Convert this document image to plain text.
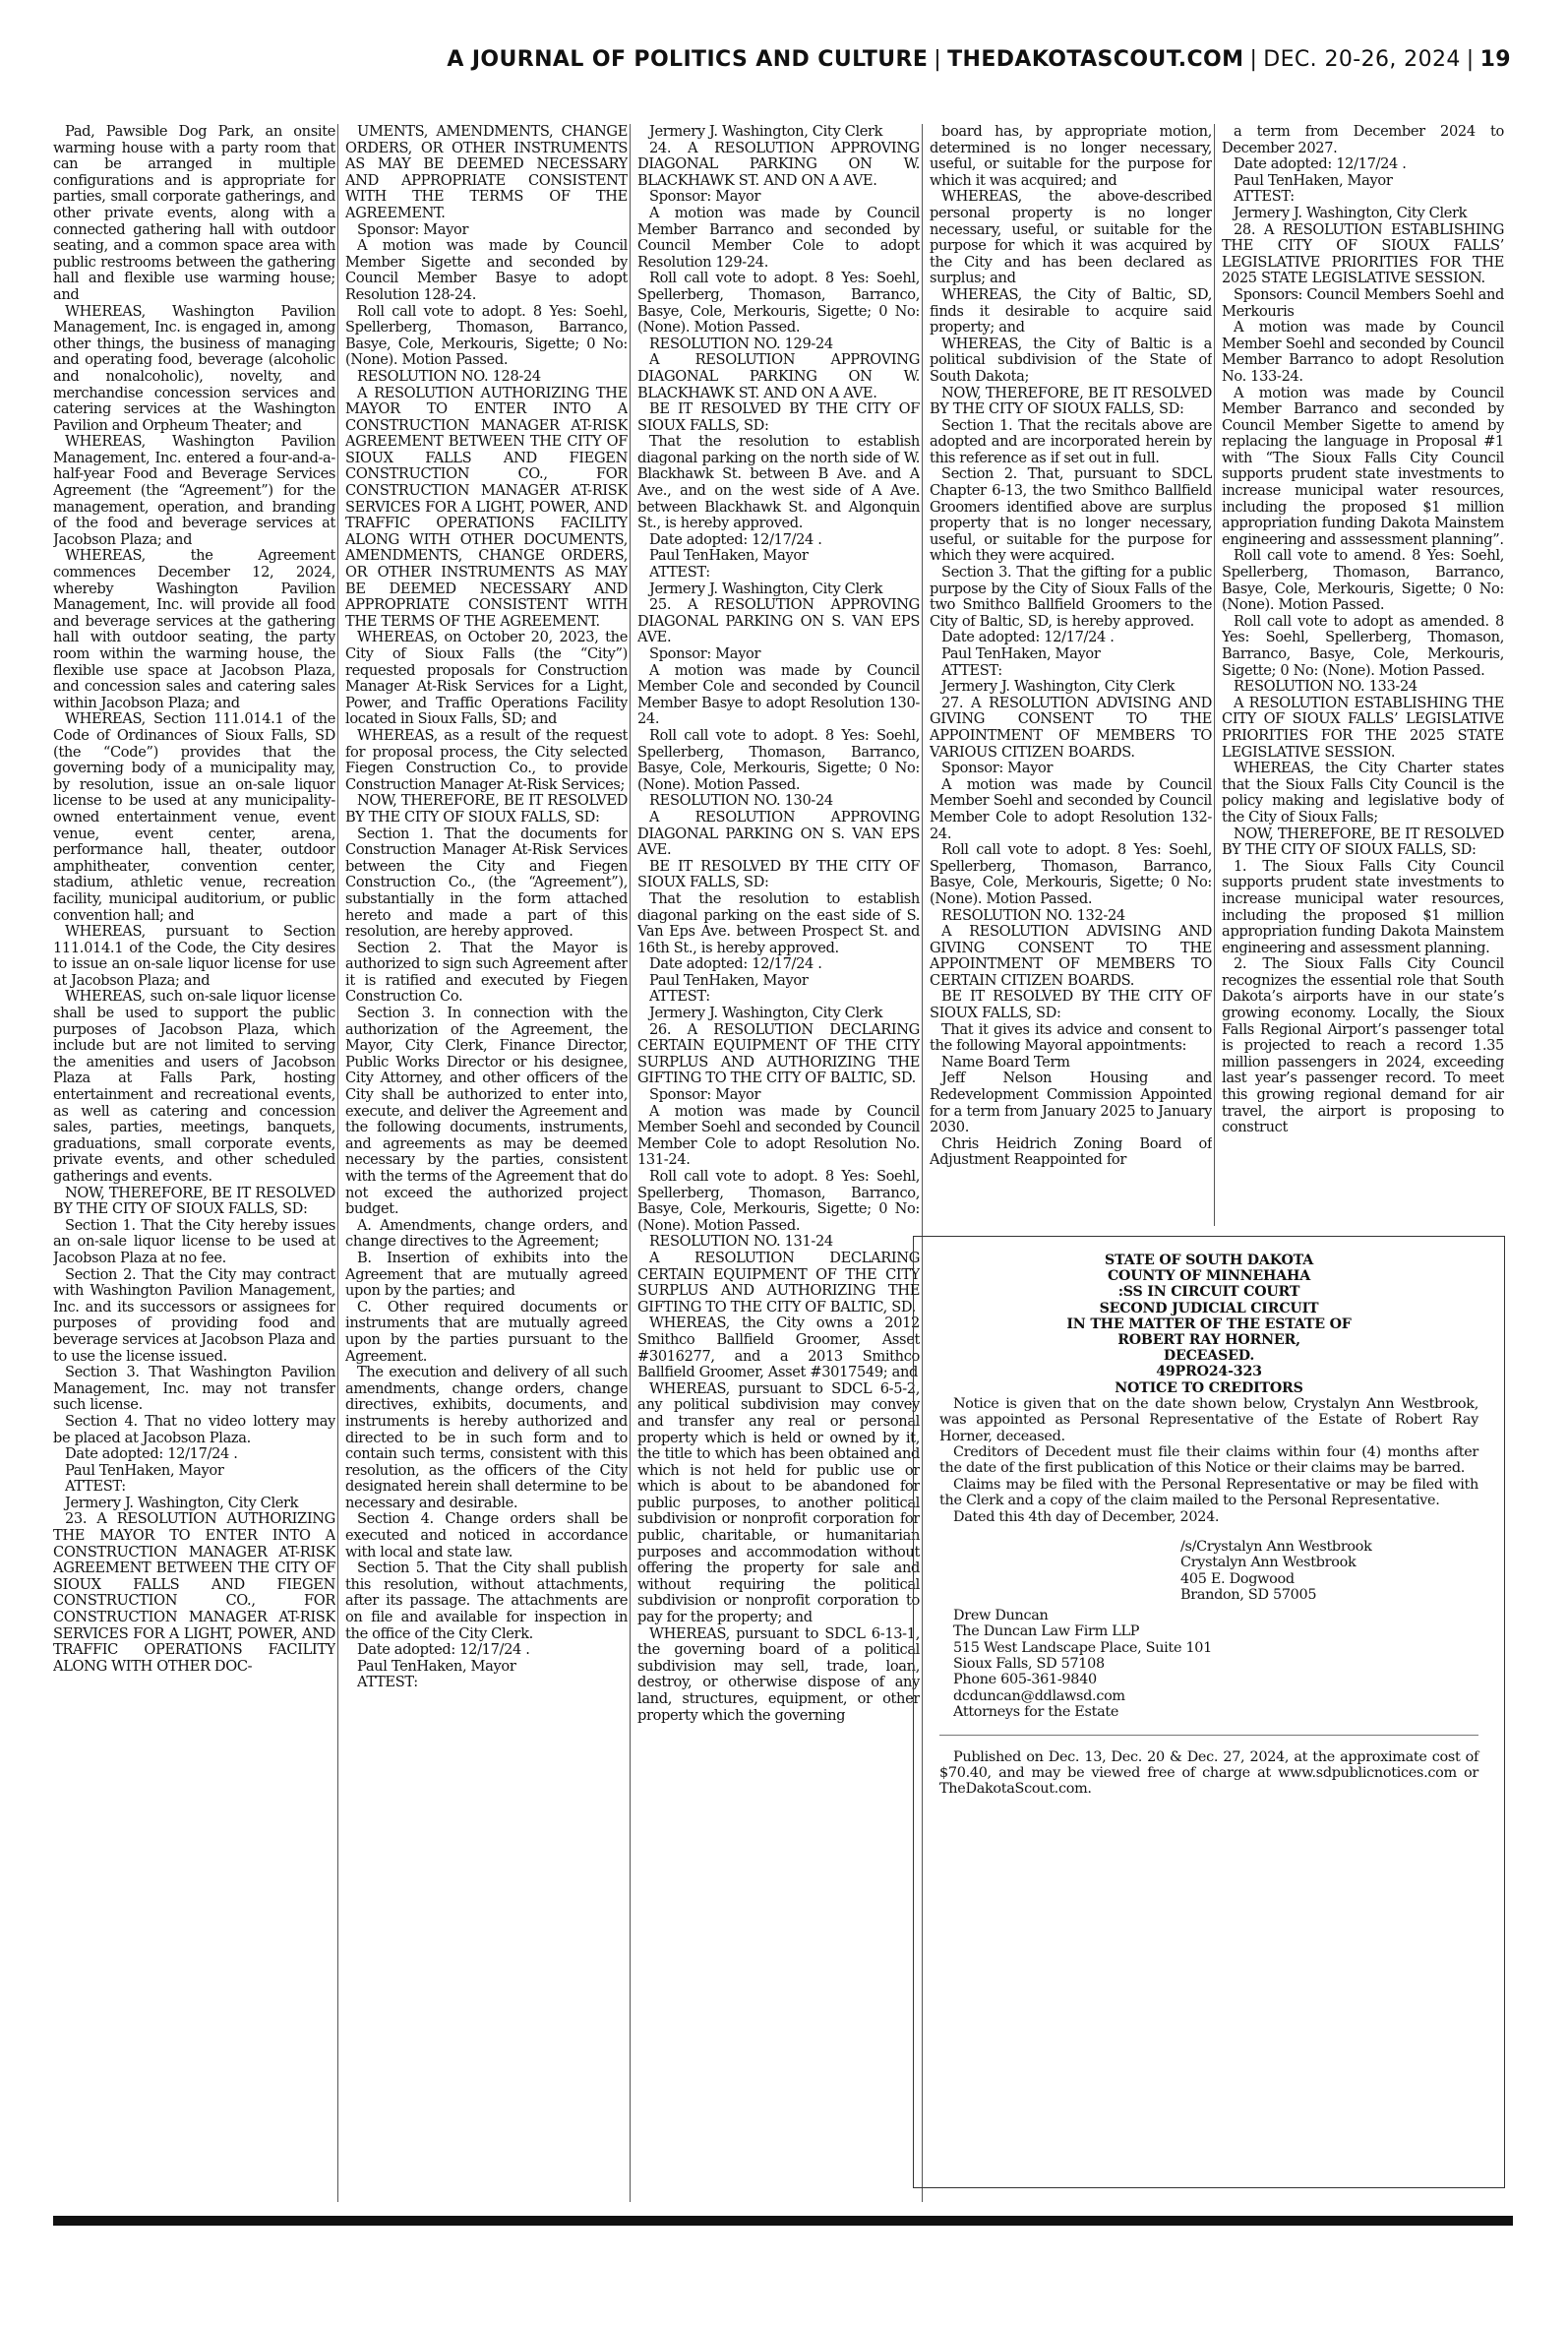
A JOURNAL OF POLITICS AND CULTURE | THEDAKOTASCOUT.COM | DEC. 20-26, 2024 | 19

Pad, Pawsible Dog Park, an onsite warming house with a party room that can be arranged in multiple configurations and is appropriate for parties, small corporate gatherings, and other private events, along with a connected gathering hall with outdoor seating, and a common space area with public restrooms between the gathering hall and flexible use warming house; and

WHEREAS, Washington Pavilion Management, Inc. is engaged in, among other things, the business of managing and operating food, beverage (alcoholic and nonalcoholic), novelty, and merchandise concession services and catering services at the Washington Pavilion and Orpheum Theater; and

WHEREAS, Washington Pavilion Management, Inc. entered a four-and-a-half-year Food and Beverage Services Agreement (the “Agreement”) for the management, operation, and branding of the food and beverage services at Jacobson Plaza; and

WHEREAS, the Agreement commences December 12, 2024, whereby Washington Pavilion Management, Inc. will provide all food and beverage services at the gathering hall with outdoor seating, the party room within the warming house, the flexible use space at Jacobson Plaza, and concession sales and catering sales within Jacobson Plaza; and

WHEREAS, Section 111.014.1 of the Code of Ordinances of Sioux Falls, SD (the “Code”) provides that the governing body of a municipality may, by resolution, issue an on-sale liquor license to be used at any municipality-owned entertainment venue, event venue, event center, arena, performance hall, theater, outdoor amphitheater, convention center, stadium, athletic venue, recreation facility, municipal auditorium, or public convention hall; and

WHEREAS, pursuant to Section 111.014.1 of the Code, the City desires to issue an on-sale liquor license for use at Jacobson Plaza; and

WHEREAS, such on-sale liquor license shall be used to support the public purposes of Jacobson Plaza, which include but are not limited to serving the amenities and users of Jacobson Plaza at Falls Park, hosting entertainment and recreational events, as well as catering and concession sales, parties, meetings, banquets, graduations, small corporate events, private events, and other scheduled gatherings and events.

NOW, THEREFORE, BE IT RESOLVED BY THE CITY OF SIOUX FALLS, SD:

Section 1. That the City hereby issues an on-sale liquor license to be used at Jacobson Plaza at no fee.

Section 2. That the City may contract with Washington Pavilion Management, Inc. and its successors or assignees for purposes of providing food and beverage services at Jacobson Plaza and to use the license issued.

Section 3. That Washington Pavilion Management, Inc. may not transfer such license.

Section 4. That no video lottery may be placed at Jacobson Plaza.

Date adopted: 12/17/24 .

Paul TenHaken, Mayor

ATTEST:

Jermery J. Washington, City Clerk

23. A RESOLUTION AUTHORIZING THE MAYOR TO ENTER INTO A CONSTRUCTION MANAGER AT-RISK AGREEMENT BETWEEN THE CITY OF SIOUX FALLS AND FIEGEN CONSTRUCTION CO., FOR CONSTRUCTION MANAGER AT-RISK SERVICES FOR A LIGHT, POWER, AND TRAFFIC OPERATIONS FACILITY ALONG WITH OTHER DOC-

UMENTS, AMENDMENTS, CHANGE ORDERS, OR OTHER INSTRUMENTS AS MAY BE DEEMED NECESSARY AND APPROPRIATE CONSISTENT WITH THE TERMS OF THE AGREEMENT.

Sponsor: Mayor

A motion was made by Council Member Sigette and seconded by Council Member Basye to adopt Resolution 128-24.

Roll call vote to adopt. 8 Yes: Soehl, Spellerberg, Thomason, Barranco, Basye, Cole, Merkouris, Sigette; 0 No: (None). Motion Passed.

RESOLUTION NO. 128-24

A RESOLUTION AUTHORIZING THE MAYOR TO ENTER INTO A CONSTRUCTION MANAGER AT-RISK AGREEMENT BETWEEN THE CITY OF SIOUX FALLS AND FIEGEN CONSTRUCTION CO., FOR CONSTRUCTION MANAGER AT-RISK SERVICES FOR A LIGHT, POWER, AND TRAFFIC OPERATIONS FACILITY ALONG WITH OTHER DOCUMENTS, AMENDMENTS, CHANGE ORDERS, OR OTHER INSTRUMENTS AS MAY BE DEEMED NECESSARY AND APPROPRIATE CONSISTENT WITH THE TERMS OF THE AGREEMENT.

WHEREAS, on October 20, 2023, the City of Sioux Falls (the “City”) requested proposals for Construction Manager At-Risk Services for a Light, Power, and Traffic Operations Facility located in Sioux Falls, SD; and

WHEREAS, as a result of the request for proposal process, the City selected Fiegen Construction Co., to provide Construction Manager At-Risk Services;

NOW, THEREFORE, BE IT RESOLVED BY THE CITY OF SIOUX FALLS, SD:

Section 1. That the documents for Construction Manager At-Risk Services between the City and Fiegen Construction Co., (the “Agreement”), substantially in the form attached hereto and made a part of this resolution, are hereby approved.

Section 2. That the Mayor is authorized to sign such Agreement after it is ratified and executed by Fiegen Construction Co.

Section 3. In connection with the authorization of the Agreement, the Mayor, City Clerk, Finance Director, Public Works Director or his designee, City Attorney, and other officers of the City shall be authorized to enter into, execute, and deliver the Agreement and the following documents, instruments, and agreements as may be deemed necessary by the parties, consistent with the terms of the Agreement that do not exceed the authorized project budget.

A. Amendments, change orders, and change directives to the Agreement;

B. Insertion of exhibits into the Agreement that are mutually agreed upon by the parties; and

C. Other required documents or instruments that are mutually agreed upon by the parties pursuant to the Agreement.

The execution and delivery of all such amendments, change orders, change directives, exhibits, documents, and instruments is hereby authorized and directed to be in such form and to contain such terms, consistent with this resolution, as the officers of the City designated herein shall determine to be necessary and desirable.

Section 4. Change orders shall be executed and noticed in accordance with local and state law.

Section 5. That the City shall publish this resolution, without attachments, after its passage. The attachments are on file and available for inspection in the office of the City Clerk.

Date adopted: 12/17/24 .

Paul TenHaken, Mayor

ATTEST:

Jermery J. Washington, City Clerk

24. A RESOLUTION APPROVING DIAGONAL PARKING ON W. BLACKHAWK ST. AND ON A AVE.

Sponsor: Mayor

A motion was made by Council Member Barranco and seconded by Council Member Cole to adopt Resolution 129-24.

Roll call vote to adopt. 8 Yes: Soehl, Spellerberg, Thomason, Barranco, Basye, Cole, Merkouris, Sigette; 0 No: (None). Motion Passed.

RESOLUTION NO. 129-24

A RESOLUTION APPROVING DIAGONAL PARKING ON W. BLACKHAWK ST. AND ON A AVE.

BE IT RESOLVED BY THE CITY OF SIOUX FALLS, SD:

That the resolution to establish diagonal parking on the north side of W. Blackhawk St. between B Ave. and A Ave., and on the west side of A Ave. between Blackhawk St. and Algonquin St., is hereby approved.

Date adopted: 12/17/24 .

Paul TenHaken, Mayor

ATTEST:

Jermery J. Washington, City Clerk

25. A RESOLUTION APPROVING DIAGONAL PARKING ON S. VAN EPS AVE.

Sponsor: Mayor

A motion was made by Council Member Cole and seconded by Council Member Basye to adopt Resolution 130-24.

Roll call vote to adopt. 8 Yes: Soehl, Spellerberg, Thomason, Barranco, Basye, Cole, Merkouris, Sigette; 0 No: (None). Motion Passed.

RESOLUTION NO. 130-24

A RESOLUTION APPROVING DIAGONAL PARKING ON S. VAN EPS AVE.

BE IT RESOLVED BY THE CITY OF SIOUX FALLS, SD:

That the resolution to establish diagonal parking on the east side of S. Van Eps Ave. between Prospect St. and 16th St., is hereby approved.

Date adopted: 12/17/24 .

Paul TenHaken, Mayor

ATTEST:

Jermery J. Washington, City Clerk

26. A RESOLUTION DECLARING CERTAIN EQUIPMENT OF THE CITY SURPLUS AND AUTHORIZING THE GIFTING TO THE CITY OF BALTIC, SD.

Sponsor: Mayor

A motion was made by Council Member Soehl and seconded by Council Member Cole to adopt Resolution No. 131-24.

Roll call vote to adopt. 8 Yes: Soehl, Spellerberg, Thomason, Barranco, Basye, Cole, Merkouris, Sigette; 0 No: (None). Motion Passed.

RESOLUTION NO. 131-24

A RESOLUTION DECLARING CERTAIN EQUIPMENT OF THE CITY SURPLUS AND AUTHORIZING THE GIFTING TO THE CITY OF BALTIC, SD.

WHEREAS, the City owns a 2012 Smithco Ballfield Groomer, Asset #3016277, and a 2013 Smithco Ballfield Groomer, Asset #3017549; and

WHEREAS, pursuant to SDCL 6-5-2, any political subdivision may convey and transfer any real or personal property which is held or owned by it, the title to which has been obtained and which is not held for public use or which is about to be abandoned for public purposes, to another political subdivision or nonprofit corporation for public, charitable, or humanitarian purposes and accommodation without offering the property for sale and without requiring the political subdivision or nonprofit corporation to pay for the property; and

WHEREAS, pursuant to SDCL 6-13-1, the governing board of a political subdivision may sell, trade, loan, destroy, or otherwise dispose of any land, structures, equipment, or other property which the governing

board has, by appropriate motion, determined is no longer necessary, useful, or suitable for the purpose for which it was acquired; and

WHEREAS, the above-described personal property is no longer necessary, useful, or suitable for the purpose for which it was acquired by the City and has been declared as surplus; and

WHEREAS, the City of Baltic, SD, finds it desirable to acquire said property; and

WHEREAS, the City of Baltic is a political subdivision of the State of South Dakota;

NOW, THEREFORE, BE IT RESOLVED BY THE CITY OF SIOUX FALLS, SD:

Section 1. That the recitals above are adopted and are incorporated herein by this reference as if set out in full.

Section 2. That, pursuant to SDCL Chapter 6-13, the two Smithco Ballfield Groomers identified above are surplus property that is no longer necessary, useful, or suitable for the purpose for which they were acquired.

Section 3. That the gifting for a public purpose by the City of Sioux Falls of the two Smithco Ballfield Groomers to the City of Baltic, SD, is hereby approved.

Date adopted: 12/17/24 .

Paul TenHaken, Mayor

ATTEST:

Jermery J. Washington, City Clerk

27. A RESOLUTION ADVISING AND GIVING CONSENT TO THE APPOINTMENT OF MEMBERS TO VARIOUS CITIZEN BOARDS.

Sponsor: Mayor

A motion was made by Council Member Soehl and seconded by Council Member Cole to adopt Resolution 132-24.

Roll call vote to adopt. 8 Yes: Soehl, Spellerberg, Thomason, Barranco, Basye, Cole, Merkouris, Sigette; 0 No: (None). Motion Passed.

RESOLUTION NO. 132-24

A RESOLUTION ADVISING AND GIVING CONSENT TO THE APPOINTMENT OF MEMBERS TO CERTAIN CITIZEN BOARDS.

BE IT RESOLVED BY THE CITY OF SIOUX FALLS, SD:

That it gives its advice and consent to the following Mayoral appointments:

Name Board Term

Jeff Nelson Housing and Redevelopment Commission Appointed for a term from January 2025 to January 2030.

Chris Heidrich Zoning Board of Adjustment Reappointed for

a term from December 2024 to December 2027.

Date adopted: 12/17/24 .

Paul TenHaken, Mayor

ATTEST:

Jermery J. Washington, City Clerk

28. A RESOLUTION ESTABLISHING THE CITY OF SIOUX FALLS’ LEGISLATIVE PRIORITIES FOR THE 2025 STATE LEGISLATIVE SESSION.

Sponsors: Council Members Soehl and Merkouris

A motion was made by Council Member Soehl and seconded by Council Member Barranco to adopt Resolution No. 133-24.

A motion was made by Council Member Barranco and seconded by Council Member Sigette to amend by replacing the language in Proposal #1 with “The Sioux Falls City Council supports prudent state investments to increase municipal water resources, including the proposed $1 million appropriation funding Dakota Mainstem engineering and asssessment planning”.

Roll call vote to amend. 8 Yes: Soehl, Spellerberg, Thomason, Barranco, Basye, Cole, Merkouris, Sigette; 0 No: (None). Motion Passed.

Roll call vote to adopt as amended. 8 Yes: Soehl, Spellerberg, Thomason, Barranco, Basye, Cole, Merkouris, Sigette; 0 No: (None). Motion Passed.

RESOLUTION NO. 133-24

A RESOLUTION ESTABLISHING THE CITY OF SIOUX FALLS’ LEGISLATIVE PRIORITIES FOR THE 2025 STATE LEGISLATIVE SESSION.

WHEREAS, the City Charter states that the Sioux Falls City Council is the policy making and legislative body of the City of Sioux Falls;

NOW, THEREFORE, BE IT RESOLVED BY THE CITY OF SIOUX FALLS, SD:

1. The Sioux Falls City Council supports prudent state investments to increase municipal water resources, including the proposed $1 million appropriation funding Dakota Mainstem engineering and assessment planning.

2. The Sioux Falls City Council recognizes the essential role that South Dakota’s airports have in our state’s growing economy. Locally, the Sioux Falls Regional Airport’s passenger total is projected to reach a record 1.35 million passengers in 2024, exceeding last year’s passenger record. To meet this growing regional demand for air travel, the airport is proposing to construct

STATE OF SOUTH DAKOTA
COUNTY OF MINNEHAHA
:SS IN CIRCUIT COURT
SECOND JUDICIAL CIRCUIT
IN THE MATTER OF THE ESTATE OF
ROBERT RAY HORNER,
DECEASED.
49PRO24-323
NOTICE TO CREDITORS

Notice is given that on the date shown below, Crystalyn Ann Westbrook, was appointed as Personal Representative of the Estate of Robert Ray Horner, deceased.

Creditors of Decedent must file their claims within four (4) months after the date of the first publication of this Notice or their claims may be barred.

Claims may be filed with the Personal Representative or may be filed with the Clerk and a copy of the claim mailed to the Personal Representative.

Dated this 4th day of December, 2024.

/s/Crystalyn Ann Westbrook
Crystalyn Ann Westbrook
405 E. Dogwood
Brandon, SD 57005
Drew Duncan
The Duncan Law Firm LLP
515 West Landscape Place, Suite 101
Sioux Falls, SD 57108
Phone 605-361-9840
dcduncan@ddlawsd.com
Attorneys for the Estate

Published on Dec. 13, Dec. 20 & Dec. 27, 2024, at the approximate cost of $70.40, and may be viewed free of charge at www.sdpublicnotices.com or TheDakotaScout.com.
